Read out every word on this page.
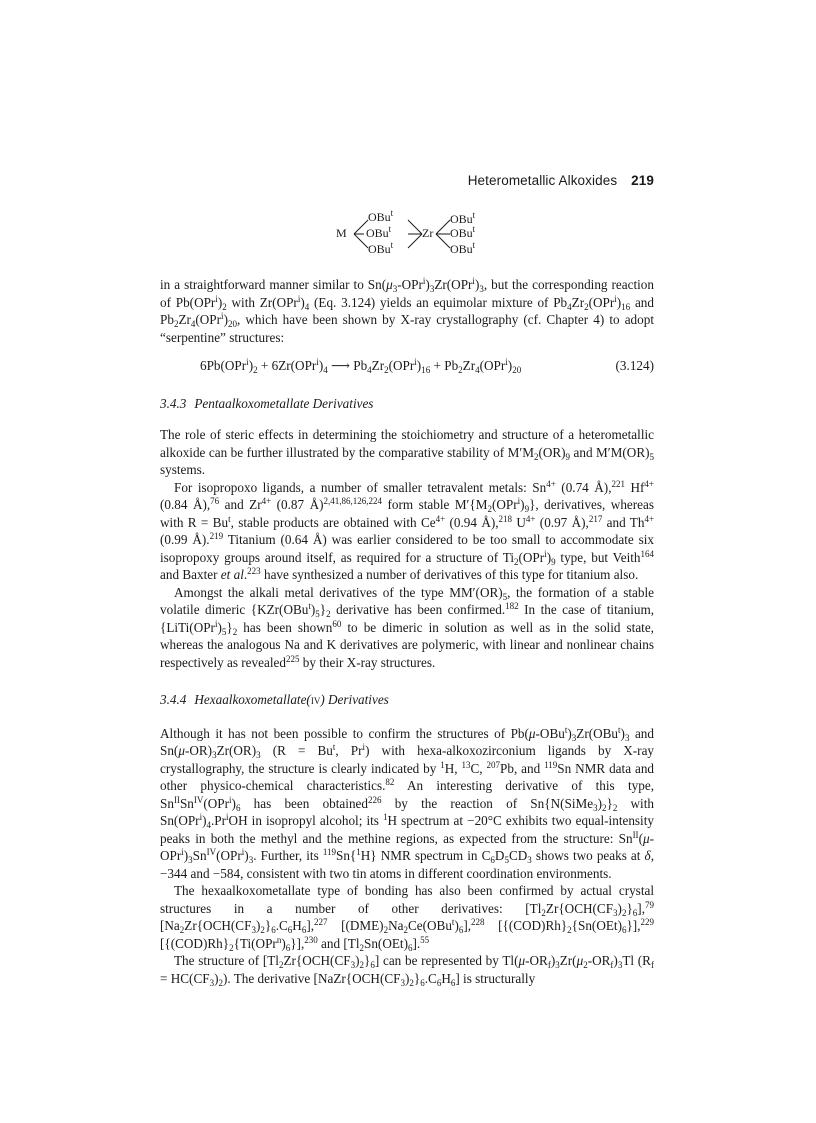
Heterometallic Alkoxides 219
M
OBu$^t$
OBu$^t$
OBu$^t$
Zr
OBu$^t$
OBu$^t$
OBu$^t$

in a straightforward manner similar to $Sn(\mu_3-OPr^i)_3Zr(OPr^i)_3$, but the corresponding reaction of $Pb(OPr^i)_2$ with $Zr(OPr^i)_4$ (Eq. 3.124) yields an equimolar mixture of $Pb_4Zr_2(OPr^i)_{16}$ and $Pb_2Zr_4(OPr^i)_{20}$, which have been shown by X-ray crystallography (cf. Chapter 4) to adopt “serpentine” structures:

$6Pb(OPr^i)_2 + 6Zr(OPr^i)_4$ ⟶ $Pb_4Zr_2(OPr^i)_{16} + Pb_2Zr_4(OPr^i)_{20}$	(3.124)
3.4.3 Pentaalkoxometallate Derivatives

The role of steric effects in determining the stoichiometry and structure of a heterometallic alkoxide can be further illustrated by the comparative stability of $M'M_2(OR)_9$ and $M'M(OR)_5$ systems.

For isopropoxo ligands, a number of smaller tetravalent metals: $Sn^{4+}$ (0.74 Å),$^{221}$ $Hf^{4+}$ (0.84 Å),$^{76}$ and $Zr^{4+}$ (0.87 Å)$^{2,41,86,126,224}$ form stable $M'\{M_2(OPr^i)_9\}$, derivatives, whereas with $R = Bu^t$, stable products are obtained with $Ce^{4+}$ (0.94 Å),$^{218}$ $U^{4+}$ (0.97 Å),$^{217}$ and $Th^{4+}$ (0.99 Å).$^{219}$ Titanium (0.64 Å) was earlier considered to be too small to accommodate six isopropoxy groups around itself, as required for a structure of $Ti_2(OPr^i)_9$ type, but Veith$^{164}$ and Baxter et al.$^{223}$ have synthesized a number of derivatives of this type for titanium also.

Amongst the alkali metal derivatives of the type $MM'(OR)_5$, the formation of a stable volatile dimeric $\{KZr(OBu^t)_5\}_2$ derivative has been confirmed.$^{182}$ In the case of titanium, $\{LiTi(OPr^i)_5\}_2$ has been shown$^{60}$ to be dimeric in solution as well as in the solid state, whereas the analogous Na and K derivatives are polymeric, with linear and nonlinear chains respectively as revealed$^{225}$ by their X-ray structures.

3.4.4 Hexaalkoxometallate(IV) Derivatives

Although it has not been possible to confirm the structures of $Pb(\mu-OBu^t)_3Zr(OBu^t)_3$ and $Sn(\mu-OR)_3Zr(OR)_3$ ($R = Bu^t$, Pr$^i$) with hexa-alkoxozirconium ligands by X-ray crystallography, the structure is clearly indicated by $^1$H, $^{13}$C, $^{207}$Pb, and $^{119}$Sn NMR data and other physico-chemical characteristics.$^{82}$ An interesting derivative of this type, $Sn^{II}Sn^{IV}(OPr^i)_6$ has been obtained$^{226}$ by the reaction of $Sn\{N(SiMe_3)_2\}_2$ with $Sn(OPr^i)_4.Pr^iOH$ in isopropyl alcohol; its $^1$H spectrum at −20°C exhibits two equal-intensity peaks in both the methyl and the methine regions, as expected from the structure: $Sn^{II}(\mu-OPr^i)_3Sn^{IV}(OPr^i)_3$. Further, its $^{119}$Sn{$^1$H} NMR spectrum in $C_6D_5CD_3$ shows two peaks at δ, −344 and −584, consistent with two tin atoms in different coordination environments.

The hexaalkoxometallate type of bonding has also been confirmed by actual crystal structures in a number of other derivatives: $[Tl_2Zr\{OCH(CF_3)_2\}_6],^{79}$ $[Na_2Zr\{OCH(CF_3)_2\}_6.C_6H_6],^{227}$ $[(DME)_2Na_2Ce(OBu^t)_6],^{228}$ $[\{(COD)Rh\}_2\{Sn(OEt)_6\}],^{229}$ $[\{(COD)Rh\}_2\{Ti(OPr^n)_6\}],^{230}$ and $[Tl_2Sn(OEt)_6].^{55}$

The structure of $[Tl_2Zr\{OCH(CF_3)_2\}_6]$ can be represented by $Tl(\mu-OR_f)_3Zr(\mu_2-OR_f)_3Tl$ $(R_f = HC(CF_3)_2)$. The derivative $[NaZr\{OCH(CF_3)_2\}_6.C_6H_6]$ is structurally
